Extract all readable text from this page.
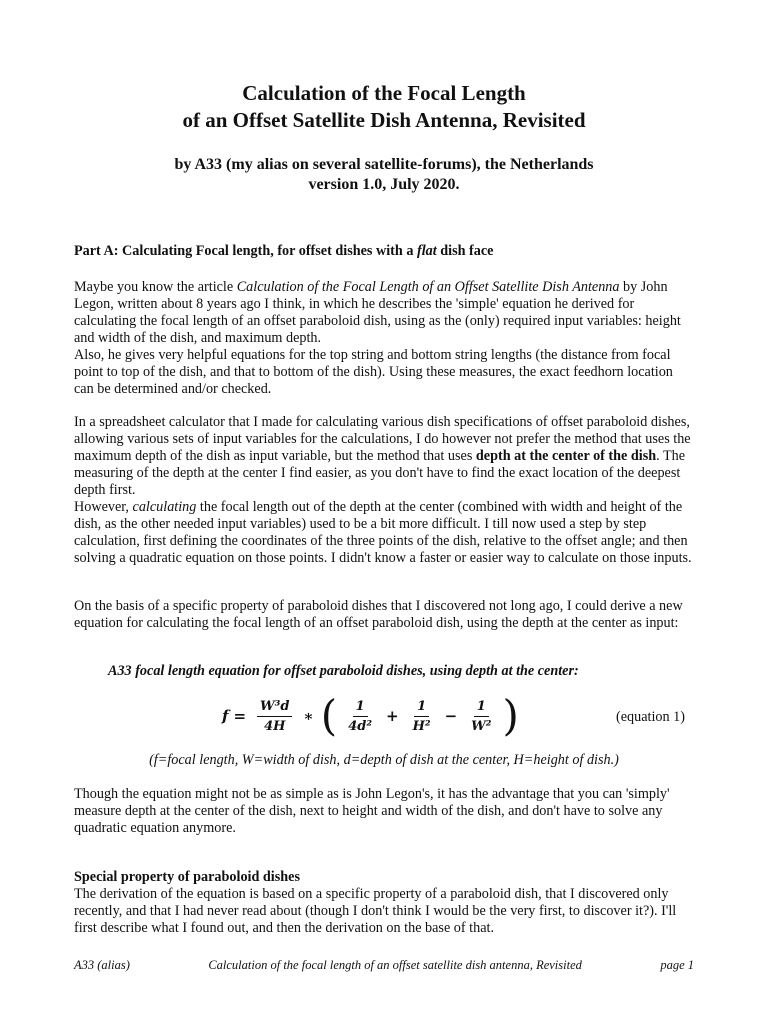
Calculation of the Focal Length
of an Offset Satellite Dish Antenna, Revisited
by A33 (my alias on several satellite-forums), the Netherlands
version 1.0, July 2020.
Part A: Calculating Focal length, for offset dishes with a flat dish face

Maybe you know the article Calculation of the Focal Length of an Offset Satellite Dish Antenna by John Legon, written about 8 years ago I think, in which he describes the 'simple' equation he derived for calculating the focal length of an offset paraboloid dish, using as the (only) required input variables: height and width of the dish, and maximum depth.

Also, he gives very helpful equations for the top string and bottom string lengths (the distance from focal point to top of the dish, and that to bottom of the dish). Using these measures, the exact feedhorn location can be determined and/or checked.

In a spreadsheet calculator that I made for calculating various dish specifications of offset paraboloid dishes, allowing various sets of input variables for the calculations, I do however not prefer the method that uses the maximum depth of the dish as input variable, but the method that uses depth at the center of the dish. The measuring of the depth at the center I find easier, as you don't have to find the exact location of the deepest depth first.

However, calculating the focal length out of the depth at the center (combined with width and height of the dish, as the other needed input variables) used to be a bit more difficult. I till now used a step by step calculation, first defining the coordinates of the three points of the dish, relative to the offset angle; and then solving a quadratic equation on those points. I didn't know a faster or easier way to calculate on those inputs.

On the basis of a specific property of paraboloid dishes that I discovered not long ago, I could derive a new equation for calculating the focal length of an offset paraboloid dish, using the depth at the center as input:
A33 focal length equation for offset paraboloid dishes, using depth at the center:
$f = \frac{\text{W³d}}{4H}$ ∗ ( $\frac{1}{\text{4d²}} + \frac{1}{\text{H²}} - \frac{1}{\text{W²}}$ )	(equation 1)
(f=focal length, W=width of dish, d=depth of dish at the center, H=height of dish.)
Though the equation might not be as simple as is John Legon's, it has the advantage that you can 'simply' measure depth at the center of the dish, next to height and width of the dish, and don't have to solve any quadratic equation anymore.

Special property of paraboloid dishes

The derivation of the equation is based on a specific property of a paraboloid dish, that I discovered only recently, and that I had never read about (though I don't think I would be the very first, to discover it?). I'll first describe what I found out, and then the derivation on the base of that.

A33 (alias)	Calculation of the focal length of an offset satellite dish antenna, Revisited	page 1
